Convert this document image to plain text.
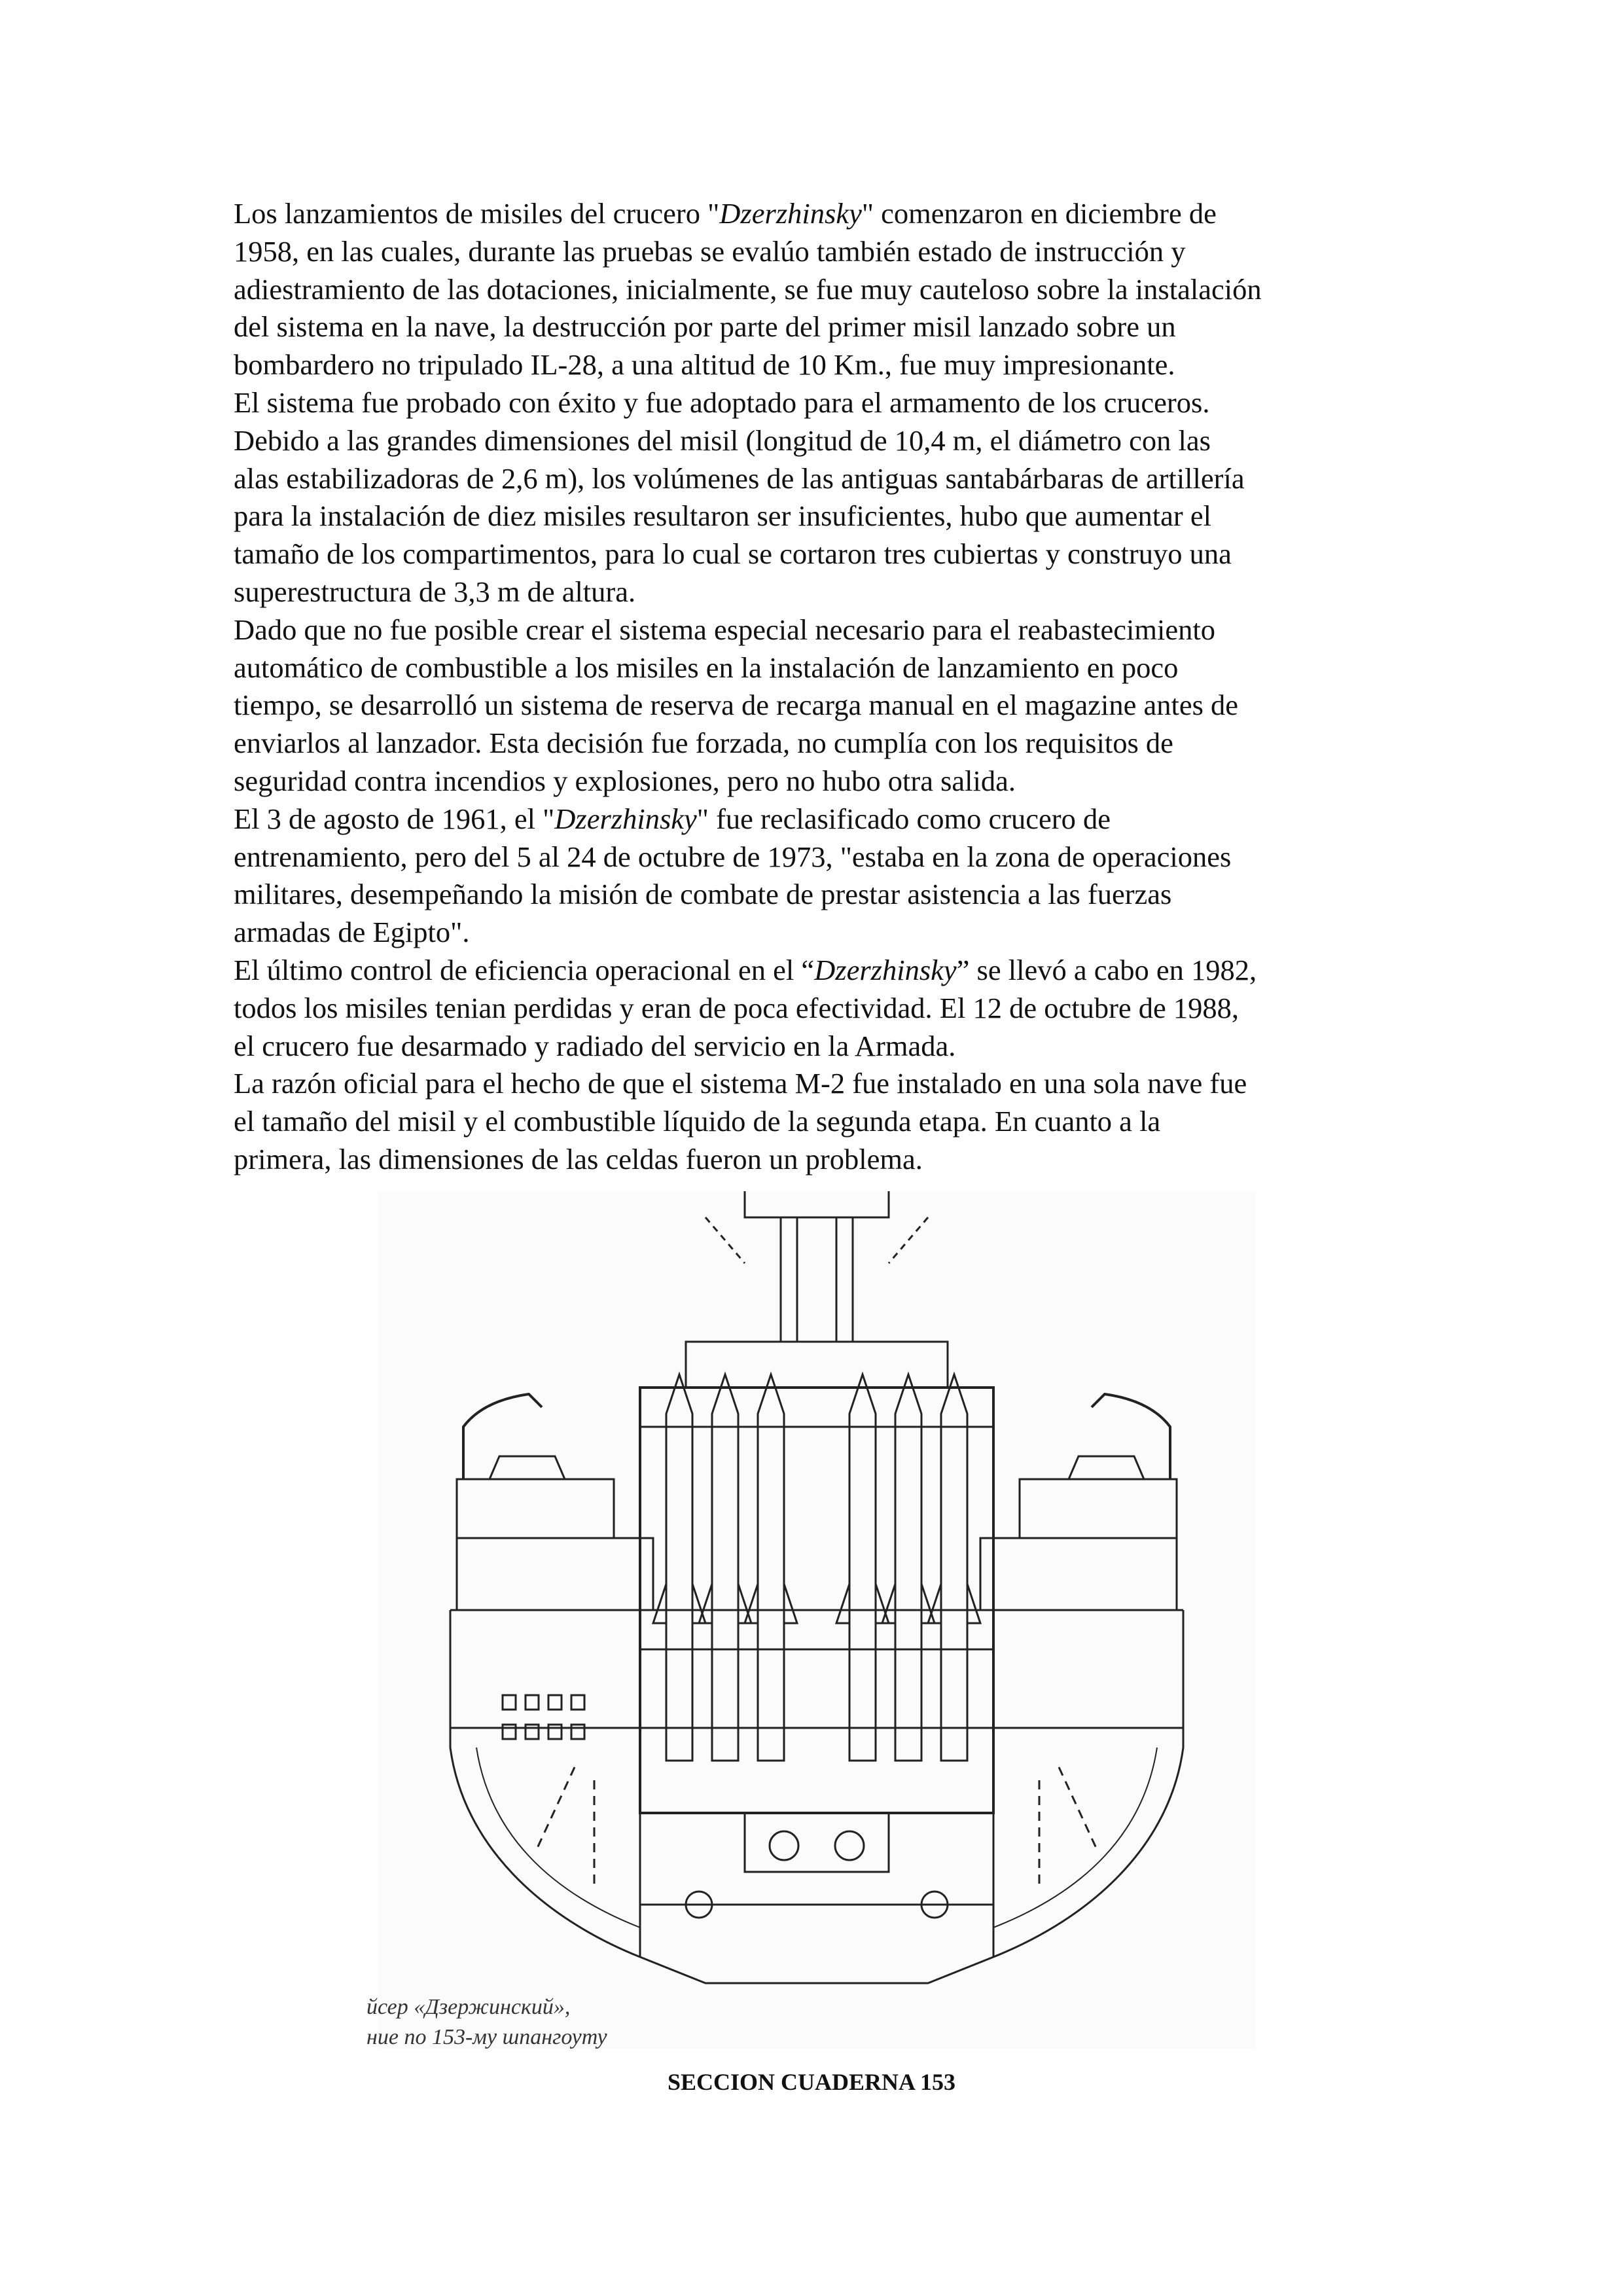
Los lanzamientos de misiles del crucero "Dzerzhinsky" comenzaron en diciembre de
1958, en las cuales, durante las pruebas se evalúo también estado de instrucción y
adiestramiento de las dotaciones, inicialmente, se fue muy cauteloso sobre la instalación
del sistema en la nave, la destrucción por parte del primer misil lanzado sobre un
bombardero no tripulado IL-28, a una altitud de 10 Km., fue muy impresionante.
El sistema fue probado con éxito y fue adoptado para el armamento de los cruceros.
Debido a las grandes dimensiones del misil (longitud de 10,4 m, el diámetro con las
alas estabilizadoras de 2,6 m), los volúmenes de las antiguas santabárbaras de artillería
para la instalación de diez misiles resultaron ser insuficientes, hubo que aumentar el
tamaño de los compartimentos, para lo cual se cortaron tres cubiertas y construyo una
superestructura de 3,3 m de altura.
Dado que no fue posible crear el sistema especial necesario para el reabastecimiento
automático de combustible a los misiles en la instalación de lanzamiento en poco
tiempo, se desarrolló un sistema de reserva de recarga manual en el magazine antes de
enviarlos al lanzador. Esta decisión fue forzada, no cumplía con los requisitos de
seguridad contra incendios y explosiones, pero no hubo otra salida.
El 3 de agosto de 1961, el "Dzerzhinsky" fue reclasificado como crucero de
entrenamiento, pero del 5 al 24 de octubre de 1973, "estaba en la zona de operaciones
militares, desempeñando la misión de combate de prestar asistencia a las fuerzas
armadas de Egipto".
El último control de eficiencia operacional en el “Dzerzhinsky” se llevó a cabo en 1982,
todos los misiles tenian perdidas y eran de poca efectividad. El 12 de octubre de 1988,
el crucero fue desarmado y radiado del servicio en la Armada.
La razón oficial para el hecho de que el sistema M-2 fue instalado en una sola nave fue
el tamaño del misil y el combustible líquido de la segunda etapa. En cuanto a la
primera, las dimensiones de las celdas fueron un problema.
йсер «Дзержинский»,
ние по 153-му шпангоуту
SECCION CUADERNA 153
